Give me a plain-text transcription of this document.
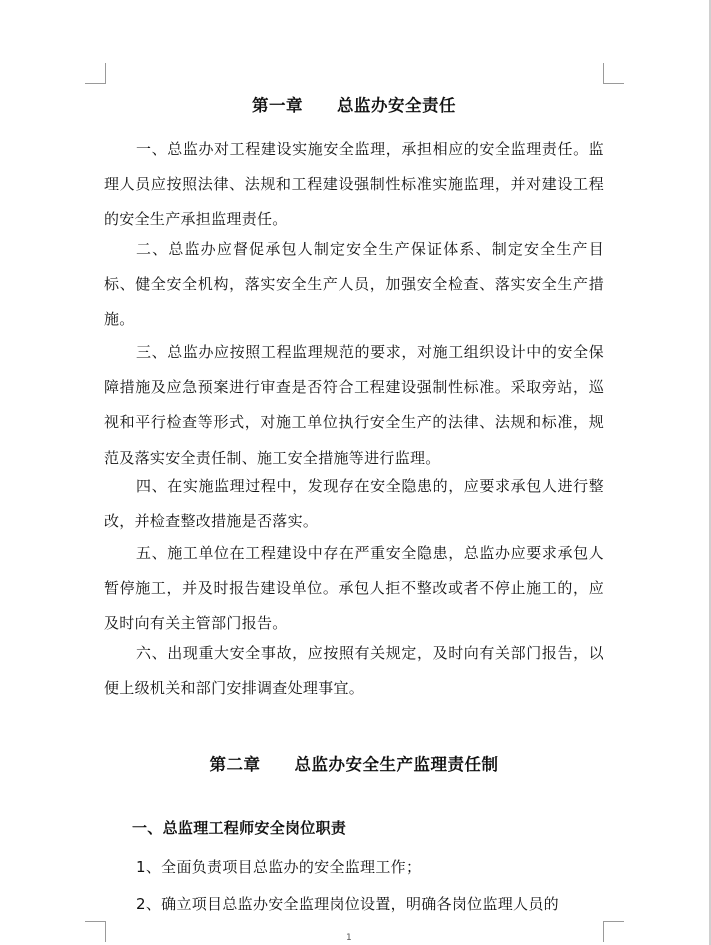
第一章　　总监办安全责任
一、总监办对工程建设实施安全监理，承担相应的安全监理责任。监理人员应按照法律、法规和工程建设强制性标准实施监理，并对建设工程的安全生产承担监理责任。
二、总监办应督促承包人制定安全生产保证体系、制定安全生产目标、健全安全机构，落实安全生产人员，加强安全检查、落实安全生产措施。
三、总监办应按照工程监理规范的要求，对施工组织设计中的安全保障措施及应急预案进行审查是否符合工程建设强制性标准。采取旁站，巡视和平行检查等形式，对施工单位执行安全生产的法律、法规和标准，规范及落实安全责任制、施工安全措施等进行监理。
四、在实施监理过程中，发现存在安全隐患的，应要求承包人进行整改，并检查整改措施是否落实。
五、施工单位在工程建设中存在严重安全隐患，总监办应要求承包人暂停施工，并及时报告建设单位。承包人拒不整改或者不停止施工的，应及时向有关主管部门报告。
六、出现重大安全事故，应按照有关规定，及时向有关部门报告，以便上级机关和部门安排调查处理事宜。
第二章　　总监办安全生产监理责任制
一、总监理工程师安全岗位职责
1、全面负责项目总监办的安全监理工作；
2、确立项目总监办安全监理岗位设置，明确各岗位监理人员的
1
